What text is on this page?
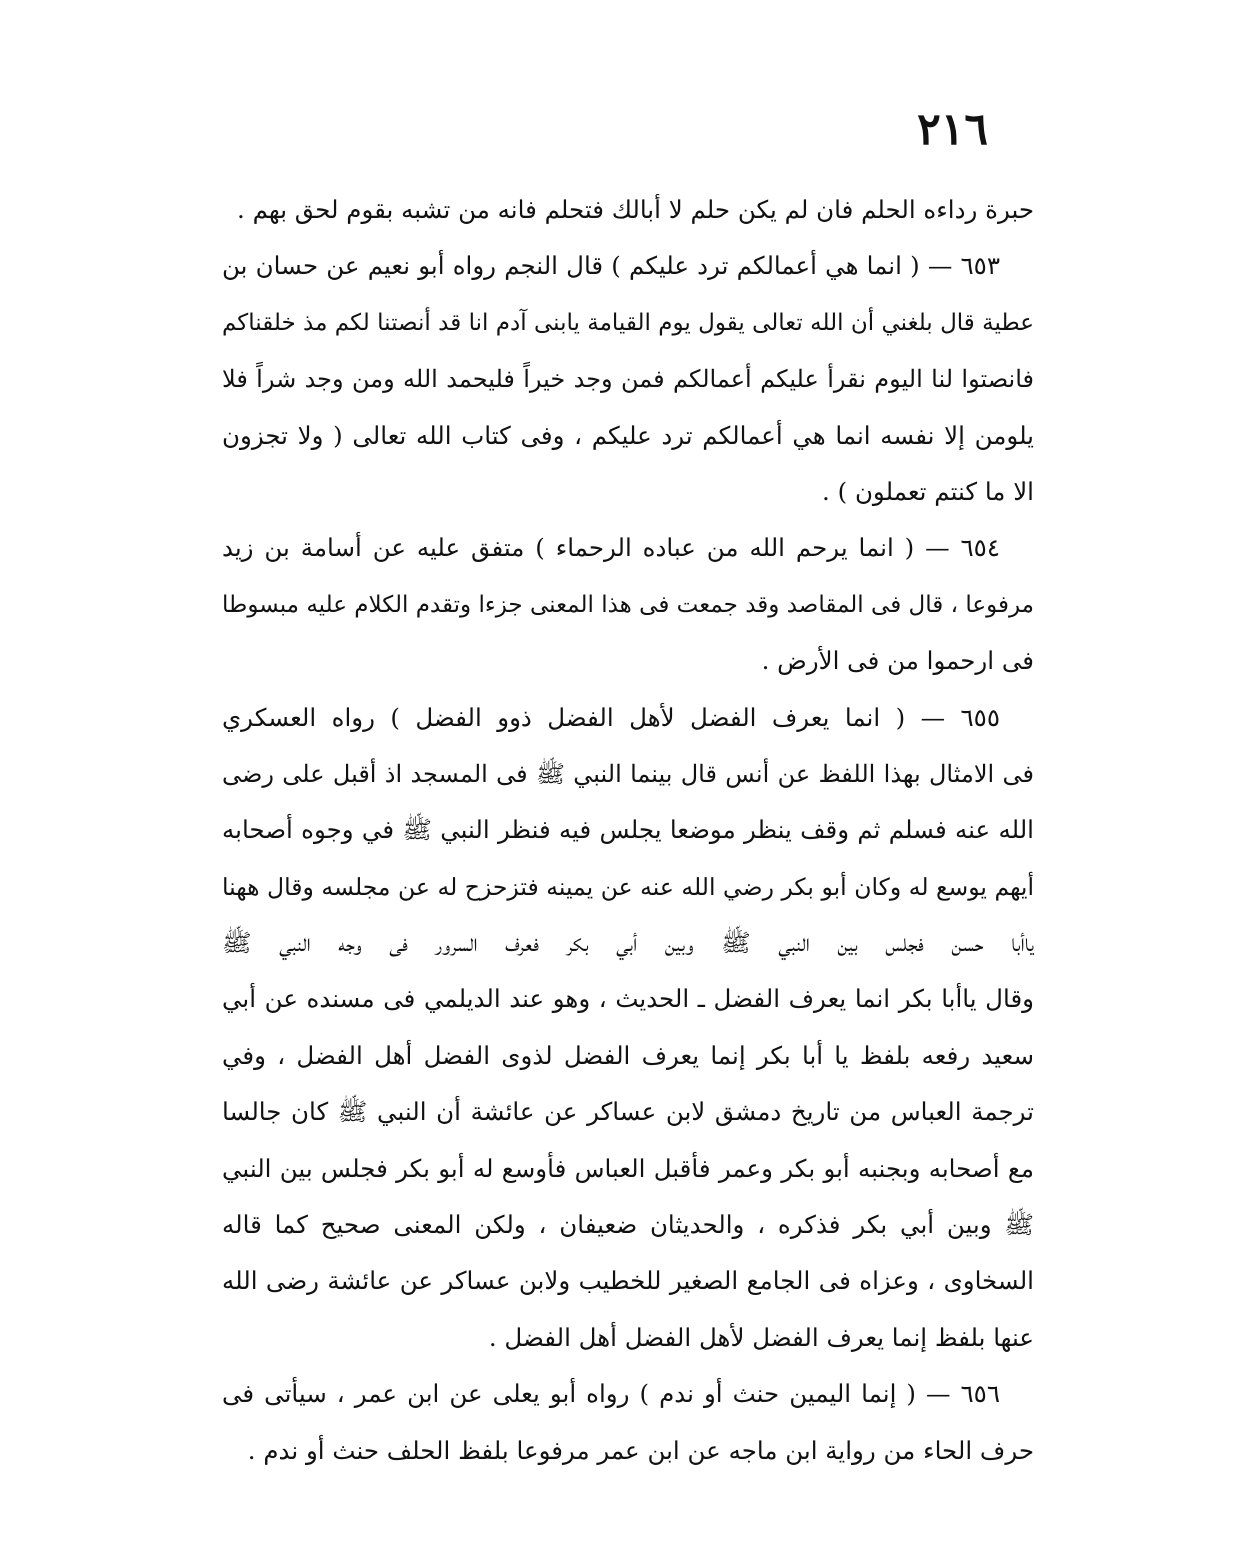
٢١٦
حبرة رداءه الحلم فان لم يكن حلم لا أبالك فتحلم فانه من تشبه بقوم لحق بهم .
٦٥٣ — ( انما هي أعمالكم ترد عليكم ) قال النجم رواه أبو نعيم عن حسان بن
عطية قال بلغني أن الله تعالى يقول يوم القيامة يابنى آدم انا قد أنصتنا لكم مذ خلقناكم
فانصتوا لنا اليوم نقرأ عليكم أعمالكم فمن وجد خيراً فليحمد الله ومن وجد شراً فلا
يلومن إلا نفسه انما هي أعمالكم ترد عليكم ، وفى كتاب الله تعالى ( ولا تجزون
الا ما كنتم تعملون ) .
٦٥٤ — ( انما يرحم الله من عباده الرحماء ) متفق عليه عن أسامة بن زيد
مرفوعا ، قال فى المقاصد وقد جمعت فى هذا المعنى جزءا وتقدم الكلام عليه مبسوطا
فى ارحموا من فى الأرض .
٦٥٥ — ( انما يعرف الفضل لأهل الفضل ذوو الفضل ) رواه العسكري
فى الامثال بهذا اللفظ عن أنس قال بينما النبي ﷺ فى المسجد اذ أقبل على رضى
الله عنه فسلم ثم وقف ينظر موضعا يجلس فيه فنظر النبي ﷺ في وجوه أصحابه
أيهم يوسع له وكان أبو بكر رضي الله عنه عن يمينه فتزحزح له عن مجلسه وقال ههنا
ياأبا حسن فجلس بين النبي ﷺ وبين أبي بكر فعرف السرور فى وجه النبي ﷺ
وقال ياأبا بكر انما يعرف الفضل ـ الحديث ، وهو عند الديلمي فى مسنده عن أبي
سعيد رفعه بلفظ يا أبا بكر إنما يعرف الفضل لذوى الفضل أهل الفضل ، وفي
ترجمة العباس من تاريخ دمشق لابن عساكر عن عائشة أن النبي ﷺ كان جالسا
مع أصحابه وبجنبه أبو بكر وعمر فأقبل العباس فأوسع له أبو بكر فجلس بين النبي
ﷺ وبين أبي بكر فذكره ، والحديثان ضعيفان ، ولكن المعنى صحيح كما قاله
السخاوى ، وعزاه فى الجامع الصغير للخطيب ولابن عساكر عن عائشة رضى الله
عنها بلفظ إنما يعرف الفضل لأهل الفضل أهل الفضل .
٦٥٦ — ( إنما اليمين حنث أو ندم ) رواه أبو يعلى عن ابن عمر ، سيأتى فى
حرف الحاء من رواية ابن ماجه عن ابن عمر مرفوعا بلفظ الحلف حنث أو ندم .
